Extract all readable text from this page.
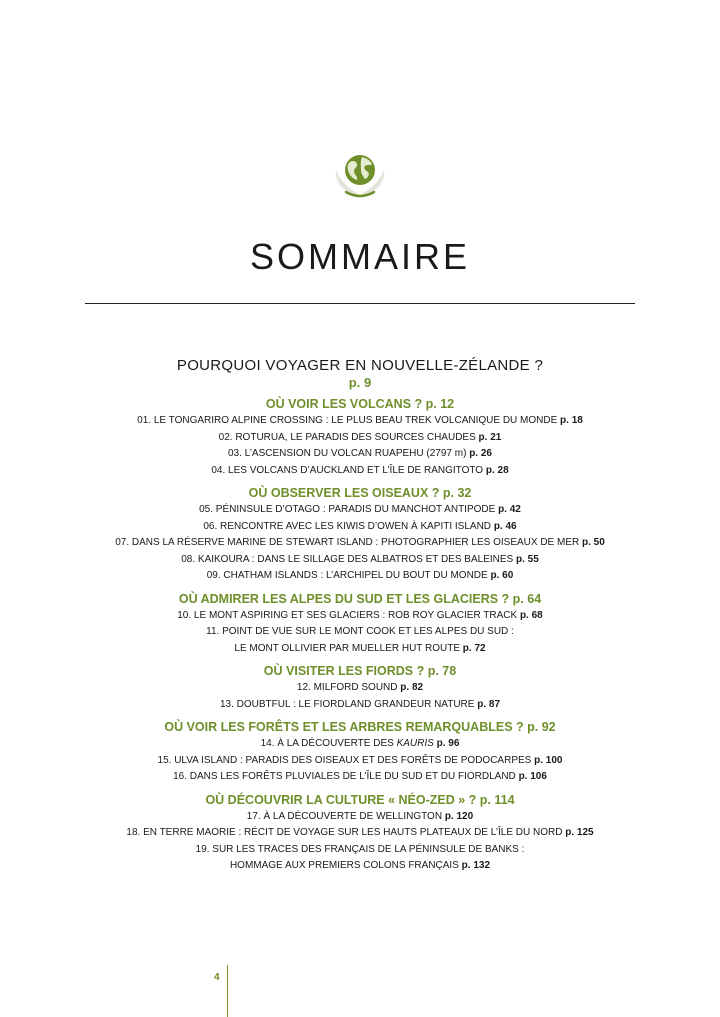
SOMMAIRE
POURQUOI VOYAGER EN NOUVELLE-ZÉLANDE ?
p. 9
OÙ VOIR LES VOLCANS ? p. 12
01. LE TONGARIRO ALPINE CROSSING : LE PLUS BEAU TREK VOLCANIQUE DU MONDE p. 18
02. ROTURUA, LE PARADIS DES SOURCES CHAUDES p. 21
03. L’ASCENSION DU VOLCAN RUAPEHU (2797 m) p. 26
04. LES VOLCANS D’AUCKLAND ET L’ÎLE DE RANGITOTO p. 28
OÙ OBSERVER LES OISEAUX ? p. 32
05. PÉNINSULE D’OTAGO : PARADIS DU MANCHOT ANTIPODE p. 42
06. RENCONTRE AVEC LES KIWIS D’OWEN À KAPITI ISLAND p. 46
07. DANS LA RÉSERVE MARINE DE STEWART ISLAND : PHOTOGRAPHIER LES OISEAUX DE MER p. 50
08. KAIKOURA : DANS LE SILLAGE DES ALBATROS ET DES BALEINES p. 55
09. CHATHAM ISLANDS : L’ARCHIPEL DU BOUT DU MONDE p. 60
OÙ ADMIRER LES ALPES DU SUD ET LES GLACIERS ? p. 64
10. LE MONT ASPIRING ET SES GLACIERS : ROB ROY GLACIER TRACK p. 68
11. POINT DE VUE SUR LE MONT COOK ET LES ALPES DU SUD :
LE MONT OLLIVIER PAR MUELLER HUT ROUTE p. 72
OÙ VISITER LES FIORDS ? p. 78
12. MILFORD SOUND p. 82
13. DOUBTFUL : LE FIORDLAND GRANDEUR NATURE p. 87
OÙ VOIR LES FORÊTS ET LES ARBRES REMARQUABLES ? p. 92
14. À LA DÉCOUVERTE DES KAURIS p. 96
15. ULVA ISLAND : PARADIS DES OISEAUX ET DES FORÊTS DE PODOCARPES p. 100
16. DANS LES FORÊTS PLUVIALES DE L’ÎLE DU SUD ET DU FIORDLAND p. 106
OÙ DÉCOUVRIR LA CULTURE « NÉO-ZED » ? p. 114
17. À LA DÉCOUVERTE DE WELLINGTON p. 120
18. EN TERRE MAORIE : RÉCIT DE VOYAGE SUR LES HAUTS PLATEAUX DE L’ÎLE DU NORD p. 125
19. SUR LES TRACES DES FRANÇAIS DE LA PÉNINSULE DE BANKS :
HOMMAGE AUX PREMIERS COLONS FRANÇAIS p. 132
4
